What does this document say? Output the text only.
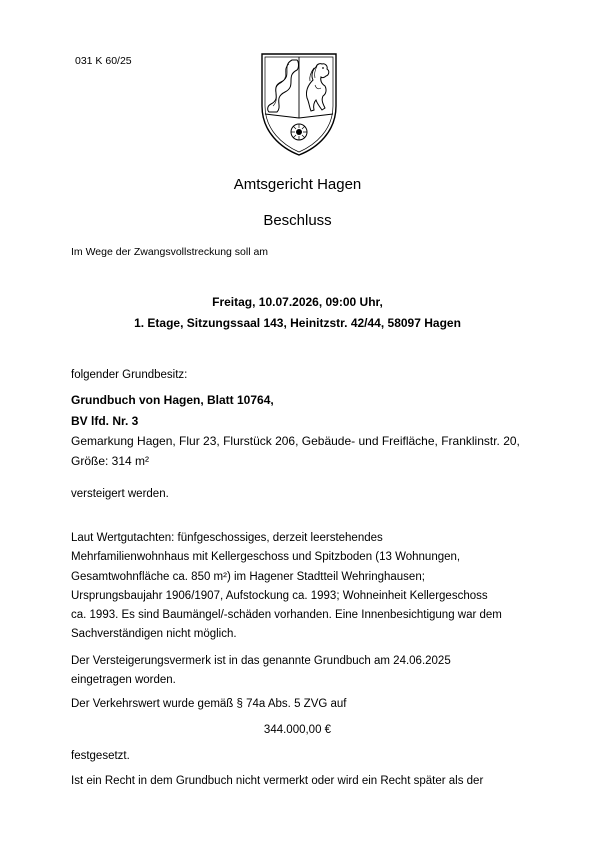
031 K 60/25
Amtsgericht Hagen
Beschluss
Im Wege der Zwangsvollstreckung soll am
Freitag, 10.07.2026, 09:00 Uhr,
1. Etage, Sitzungssaal 143, Heinitzstr. 42/44, 58097 Hagen
folgender Grundbesitz:
Grundbuch von Hagen, Blatt 10764,
BV lfd. Nr. 3
Gemarkung Hagen, Flur 23, Flurstück 206, Gebäude- und Freifläche, Franklinstr. 20,
Größe: 314 m²
versteigert werden.
Laut Wertgutachten: fünfgeschossiges, derzeit leerstehendes
Mehrfamilienwohnhaus mit Kellergeschoss und Spitzboden (13 Wohnungen,
Gesamtwohnfläche ca. 850 m²) im Hagener Stadtteil Wehringhausen;
Ursprungsbaujahr 1906/1907, Aufstockung ca. 1993; Wohneinheit Kellergeschoss
ca. 1993. Es sind Baumängel/-schäden vorhanden. Eine Innenbesichtigung war dem
Sachverständigen nicht möglich.
Der Versteigerungsvermerk ist in das genannte Grundbuch am 24.06.2025
eingetragen worden.
Der Verkehrswert wurde gemäß § 74a Abs. 5 ZVG auf
344.000,00 €
festgesetzt.
Ist ein Recht in dem Grundbuch nicht vermerkt oder wird ein Recht später als der
